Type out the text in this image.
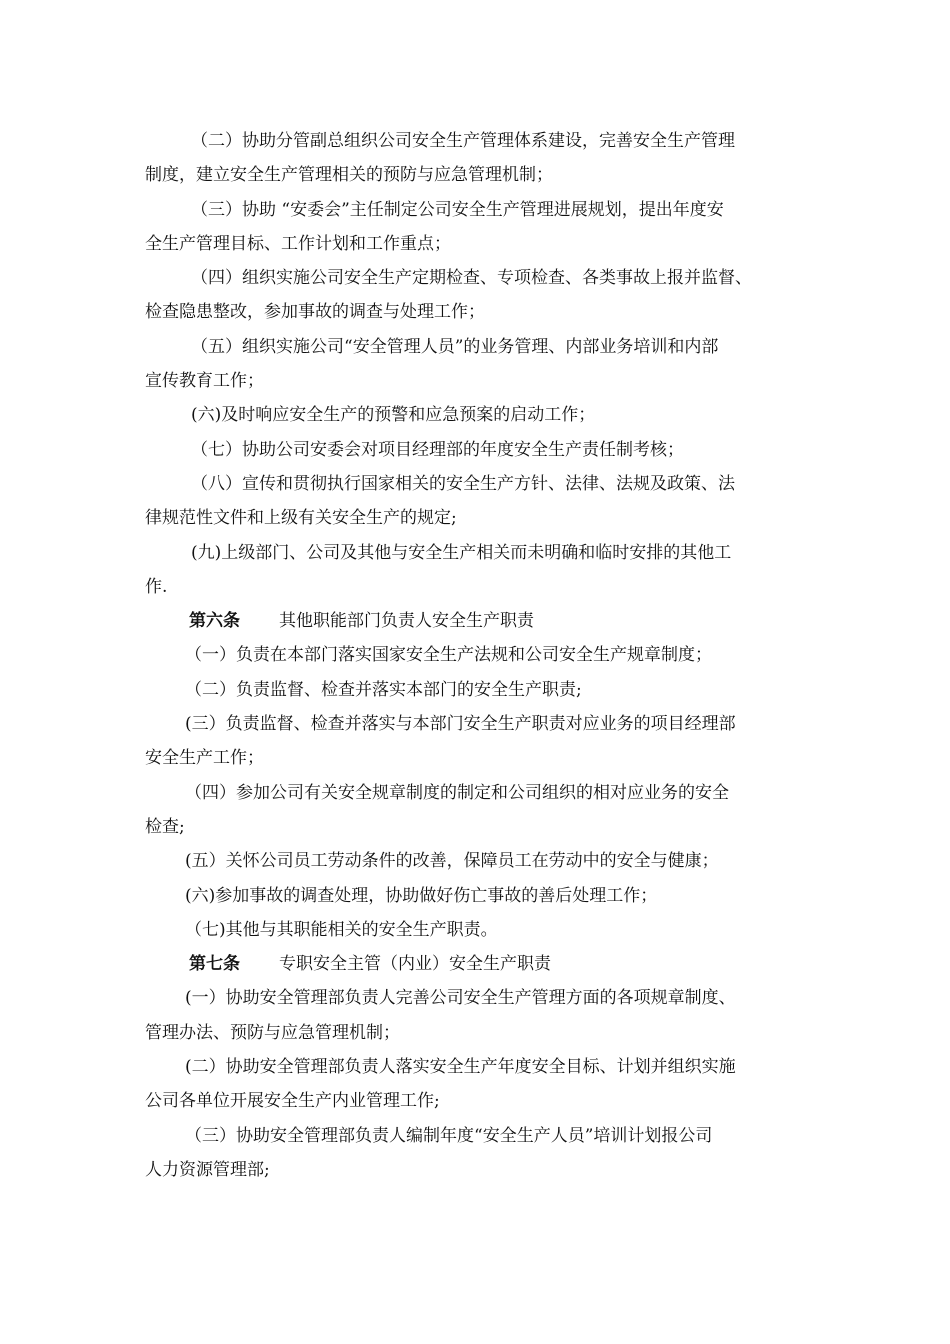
（二）协助分管副总组织公司安全生产管理体系建设，完善安全生产管理
制度，建立安全生产管理相关的预防与应急管理机制；
（三）协助 “安委会”主任制定公司安全生产管理进展规划，提出年度安
全生产管理目标、工作计划和工作重点；
（四）组织实施公司安全生产定期检查、专项检查、各类事故上报并监督、
检查隐患整改，参加事故的调查与处理工作；
（五）组织实施公司“安全管理人员”的业务管理、内部业务培训和内部
宣传教育工作；
(六)及时响应安全生产的预警和应急预案的启动工作；
（七）协助公司安委会对项目经理部的年度安全生产责任制考核；
（八）宣传和贯彻执行国家相关的安全生产方针、法律、法规及政策、法
律规范性文件和上级有关安全生产的规定;
(九)上级部门、公司及其他与安全生产相关而未明确和临时安排的其他工
作.
第六条 其他职能部门负责人安全生产职责
（一）负责在本部门落实国家安全生产法规和公司安全生产规章制度；
（二）负责监督、检查并落实本部门的安全生产职责;
(三）负责监督、检查并落实与本部门安全生产职责对应业务的项目经理部
安全生产工作；
（四）参加公司有关安全规章制度的制定和公司组织的相对应业务的安全
检查;
(五）关怀公司员工劳动条件的改善，保障员工在劳动中的安全与健康；
(六)参加事故的调查处理，协助做好伤亡事故的善后处理工作；
（七)其他与其职能相关的安全生产职责。
第七条 专职安全主管（内业）安全生产职责
(一）协助安全管理部负责人完善公司安全生产管理方面的各项规章制度、
管理办法、预防与应急管理机制；
(二）协助安全管理部负责人落实安全生产年度安全目标、计划并组织实施
公司各单位开展安全生产内业管理工作;
（三）协助安全管理部负责人编制年度“安全生产人员”培训计划报公司
人力资源管理部;
